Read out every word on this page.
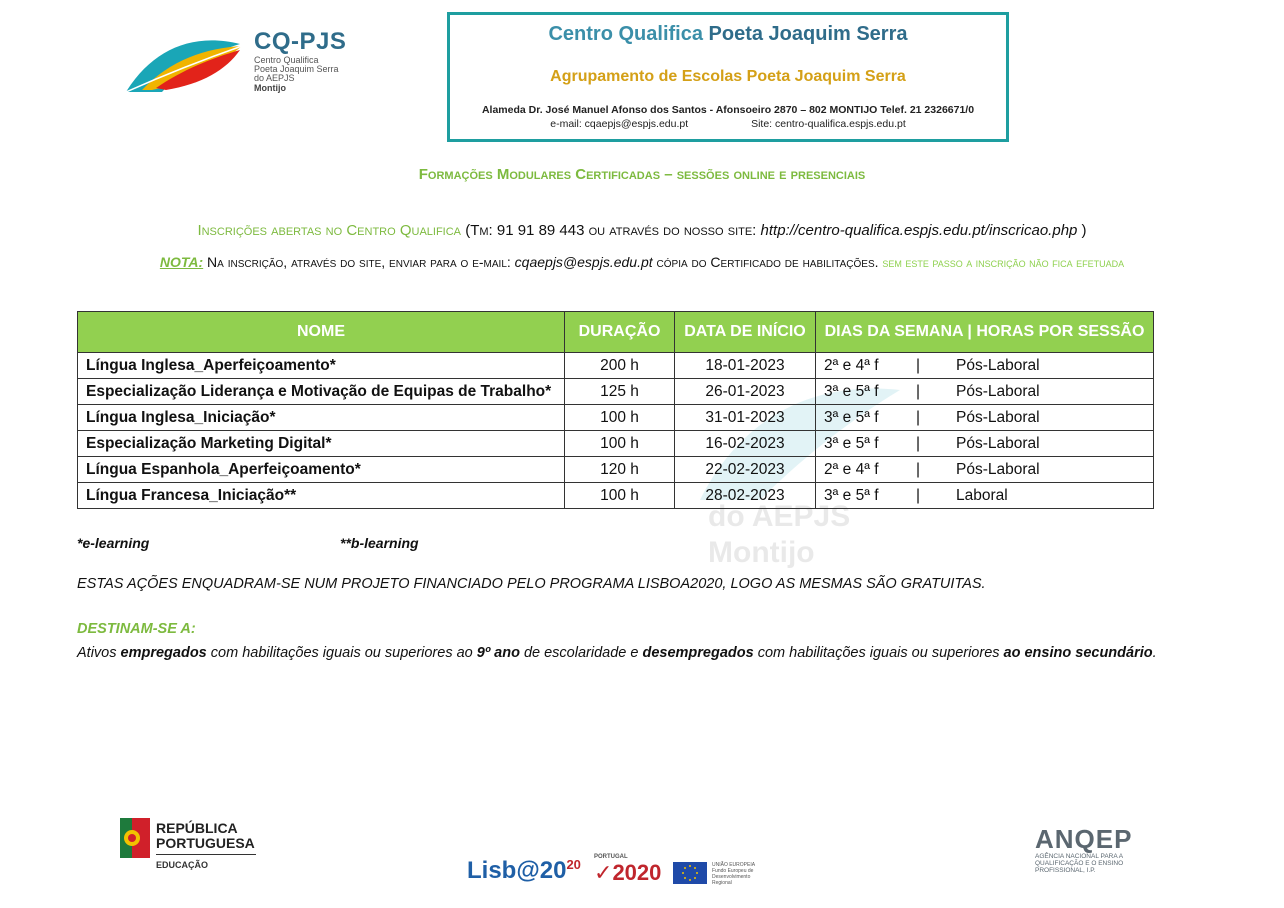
CQ-PJS
Centro Qualifica
Poeta Joaquim Serra
do AEPJS
Montijo
Centro Qualifica Poeta Joaquim Serra
Agrupamento de Escolas Poeta Joaquim Serra
Alameda Dr. José Manuel Afonso dos Santos - Afonsoeiro 2870 – 802 MONTIJO Telef. 21 2326671/0
e-mail: cqaepjs@espjs.edu.pt	Site: centro-qualifica.espjs.edu.pt
Formações Modulares Certificadas – sessões online e presenciais
Inscrições abertas no Centro Qualifica (Tm: 91 91 89 443 ou através do nosso site: http://centro-qualifica.espjs.edu.pt/inscricao.php )
NOTA: Na inscrição, através do site, enviar para o e-mail: cqaepjs@espjs.edu.pt cópia do Certificado de habilitações. sem este passo a inscrição não fica efetuada
do AEPJS
Montijo
NOME	DURAÇÃO	DATA DE INÍCIO	DIAS DA SEMANA | HORAS POR SESSÃO
Língua Inglesa_Aperfeiçoamento*	200 h	18-01-2023	2ª e 4ª f | Pós-Laboral
Especialização Liderança e Motivação de Equipas de Trabalho*	125 h	26-01-2023	3ª e 5ª f | Pós-Laboral
Língua Inglesa_Iniciação*	100 h	31-01-2023	3ª e 5ª f | Pós-Laboral
Especialização Marketing Digital*	100 h	16-02-2023	3ª e 5ª f | Pós-Laboral
Língua Espanhola_Aperfeiçoamento*	120 h	22-02-2023	2ª e 4ª f | Pós-Laboral
Língua Francesa_Iniciação**	100 h	28-02-2023	3ª e 5ª f | Laboral
*e-learning	**b-learning
ESTAS AÇÕES ENQUADRAM-SE NUM PROJETO FINANCIADO PELO PROGRAMA LISBOA2020, LOGO AS MESMAS SÃO GRATUITAS.
DESTINAM-SE A:
Ativos empregados com habilitações iguais ou superiores ao 9º ano de escolaridade e desempregados com habilitações iguais ou superiores ao ensino secundário.
REPÚBLICA
PORTUGUESA
EDUCAÇÃO	$Lisb@20^{20}$ PORTUGAL
✓2020	UNIÃO EUROPEIA Fundo Europeu de Desenvolvimento Regional
ANQEP
AGÊNCIA NACIONAL PARA A QUALIFICAÇÃO E O ENSINO PROFISSIONAL, I.P.
